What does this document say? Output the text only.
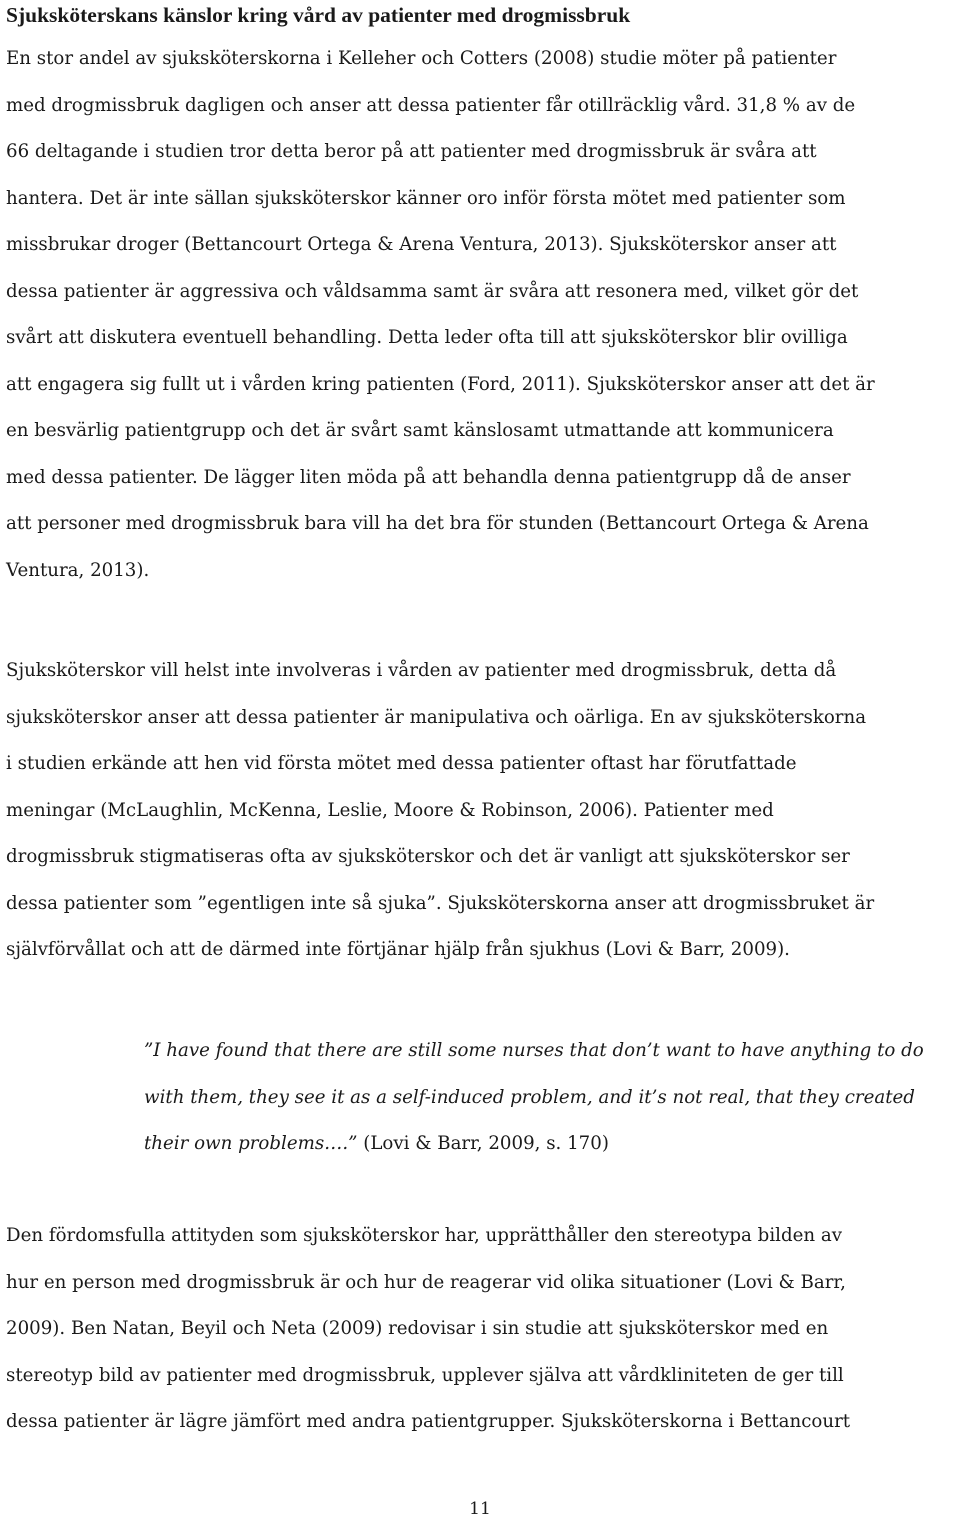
Sjuksköterskans känslor kring vård av patienter med drogmissbruk

En stor andel av sjuksköterskorna i Kelleher och Cotters (2008) studie möter på patienter
med drogmissbruk dagligen och anser att dessa patienter får otillräcklig vård. 31,8 % av de
66 deltagande i studien tror detta beror på att patienter med drogmissbruk är svåra att
hantera. Det är inte sällan sjuksköterskor känner oro inför första mötet med patienter som
missbrukar droger (Bettancourt Ortega & Arena Ventura, 2013). Sjuksköterskor anser att
dessa patienter är aggressiva och våldsamma samt är svåra att resonera med, vilket gör det
svårt att diskutera eventuell behandling. Detta leder ofta till att sjuksköterskor blir ovilliga
att engagera sig fullt ut i vården kring patienten (Ford, 2011). Sjuksköterskor anser att det är
en besvärlig patientgrupp och det är svårt samt känslosamt utmattande att kommunicera
med dessa patienter. De lägger liten möda på att behandla denna patientgrupp då de anser
att personer med drogmissbruk bara vill ha det bra för stunden (Bettancourt Ortega & Arena
Ventura, 2013).

Sjuksköterskor vill helst inte involveras i vården av patienter med drogmissbruk, detta då
sjuksköterskor anser att dessa patienter är manipulativa och oärliga. En av sjuksköterskorna
i studien erkände att hen vid första mötet med dessa patienter oftast har förutfattade
meningar (McLaughlin, McKenna, Leslie, Moore & Robinson, 2006). Patienter med
drogmissbruk stigmatiseras ofta av sjuksköterskor och det är vanligt att sjuksköterskor ser
dessa patienter som ”egentligen inte så sjuka”. Sjuksköterskorna anser att drogmissbruket är
självförvållat och att de därmed inte förtjänar hjälp från sjukhus (Lovi & Barr, 2009).

”I have found that there are still some nurses that don’t want to have anything to do
with them, they see it as a self-induced problem, and it’s not real, that they created
their own problems….” (Lovi & Barr, 2009, s. 170)

Den fördomsfulla attityden som sjuksköterskor har, upprätthåller den stereotypa bilden av
hur en person med drogmissbruk är och hur de reagerar vid olika situationer (Lovi & Barr,
2009). Ben Natan, Beyil och Neta (2009) redovisar i sin studie att sjuksköterskor med en
stereotyp bild av patienter med drogmissbruk, upplever själva att vårdkliniteten de ger till
dessa patienter är lägre jämfört med andra patientgrupper. Sjuksköterskorna i Bettancourt

11
